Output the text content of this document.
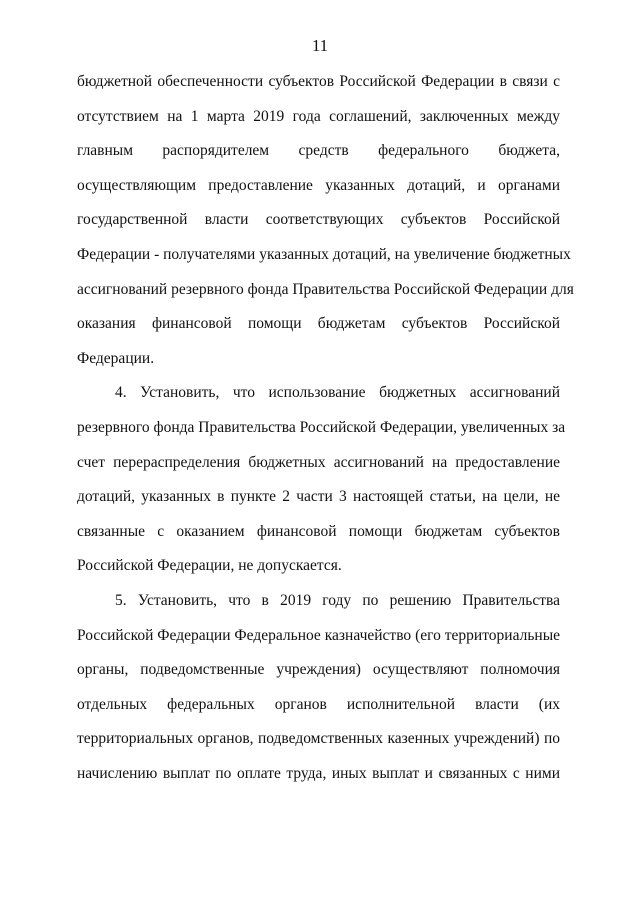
11
бюджетной обеспеченности субъектов Российской Федерации в связи с
отсутствием на 1 марта 2019 года соглашений, заключенных между
главным распорядителем средств федерального бюджета,
осуществляющим предоставление указанных дотаций, и органами
государственной власти соответствующих субъектов Российской
Федерации - получателями указанных дотаций, на увеличение бюджетных
ассигнований резервного фонда Правительства Российской Федерации для
оказания финансовой помощи бюджетам субъектов Российской
Федерации.
4. Установить, что использование бюджетных ассигнований
резервного фонда Правительства Российской Федерации, увеличенных за
счет перераспределения бюджетных ассигнований на предоставление
дотаций, указанных в пункте 2 части 3 настоящей статьи, на цели, не
связанные с оказанием финансовой помощи бюджетам субъектов
Российской Федерации, не допускается.
5. Установить, что в 2019 году по решению Правительства
Российской Федерации Федеральное казначейство (его территориальные
органы, подведомственные учреждения) осуществляют полномочия
отдельных федеральных органов исполнительной власти (их
территориальных органов, подведомственных казенных учреждений) по
начислению выплат по оплате труда, иных выплат и связанных с ними
